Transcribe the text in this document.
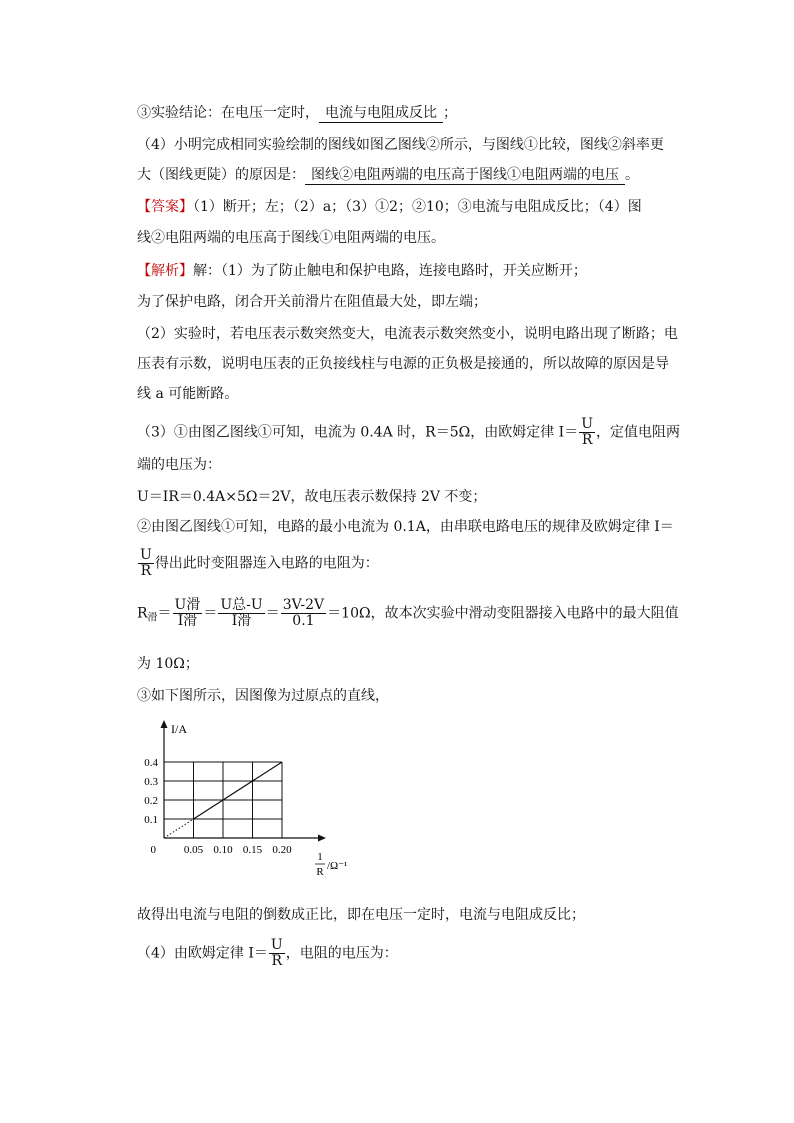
③实验结论：在电压一定时， 电流与电阻成反比 ；
（4）小明完成相同实验绘制的图线如图乙图线②所示，与图线①比较，图线②斜率更
大（图线更陡）的原因是： 图线②电阻两端的电压高于图线①电阻两端的电压 。
【答案】（1）断开；左；（2）a；（3）①2；②10；③电流与电阻成反比；（4）图
线②电阻两端的电压高于图线①电阻两端的电压。
【解析】解：（1）为了防止触电和保护电路，连接电路时，开关应断开；
为了保护电路，闭合开关前滑片在阻值最大处，即左端；
（2）实验时，若电压表示数突然变大，电流表示数突然变小，说明电路出现了断路；电
压表有示数，说明电压表的正负接线柱与电源的正负极是接通的，所以故障的原因是导
线 a 可能断路。
（3）①由图乙图线①可知，电流为 0.4A 时，R＝5Ω，由欧姆定律 $I= \frac{U}{R}$ ，定值电阻两
端的电压为：
U＝IR＝0.4A×5Ω＝2V，故电压表示数保持 2V 不变；
②由图乙图线①可知，电路的最小电流为 0.1A，由串联电路电压的规律及欧姆定律 I＝
$\frac{U}{R}$ 得出此时变阻器连入电路的电阻为：
$R_滑= \frac{\text{U滑}}{\text{I滑}} = \frac{\text{U总-U}}{\text{I滑}} = \frac{3V-2V}{0.1} =10\Omega$，故本次实验中滑动变阻器接入电路中的最大阻值
为 10Ω；
③如下图所示，因图像为过原点的直线，
0.05 0.10 0.15 0.20
0.1
0.2
0.3
0.4
0
I/A
1
R /Ω⁻¹
故得出电流与电阻的倒数成正比，即在电压一定时，电流与电阻成反比；
（4）由欧姆定律 $I= \frac{U}{R}$ ，电阻的电压为：
